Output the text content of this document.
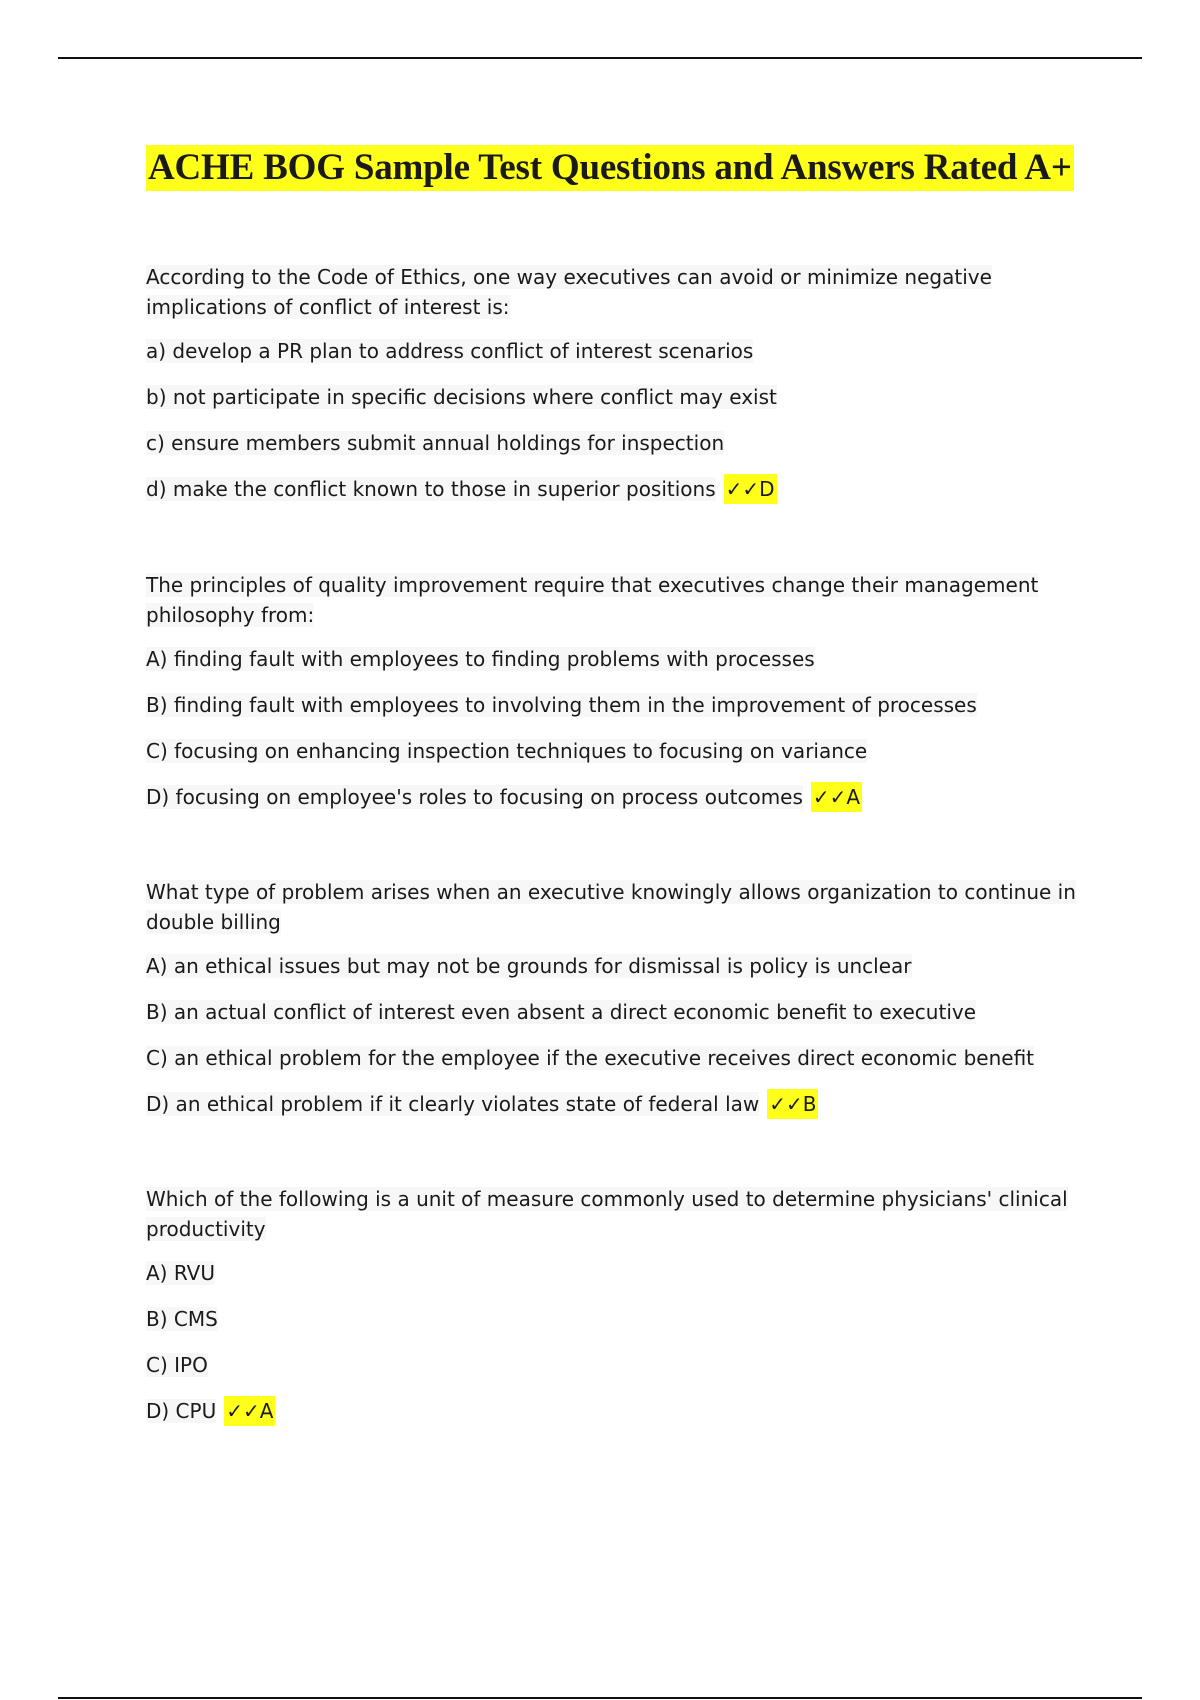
ACHE BOG Sample Test Questions and Answers Rated A+
According to the Code of Ethics, one way executives can avoid or minimize negative implications of conflict of interest is:
a) develop a PR plan to address conflict of interest scenarios
b) not participate in specific decisions where conflict may exist
c) ensure members submit annual holdings for inspection
d) make the conflict known to those in superior positions ✓✓D
The principles of quality improvement require that executives change their management philosophy from:
A) finding fault with employees to finding problems with processes
B) finding fault with employees to involving them in the improvement of processes
C) focusing on enhancing inspection techniques to focusing on variance
D) focusing on employee's roles to focusing on process outcomes ✓✓A
What type of problem arises when an executive knowingly allows organization to continue in double billing
A) an ethical issues but may not be grounds for dismissal is policy is unclear
B) an actual conflict of interest even absent a direct economic benefit to executive
C) an ethical problem for the employee if the executive receives direct economic benefit
D) an ethical problem if it clearly violates state of federal law ✓✓B
Which of the following is a unit of measure commonly used to determine physicians' clinical productivity
A) RVU
B) CMS
C) IPO
D) CPU ✓✓A
